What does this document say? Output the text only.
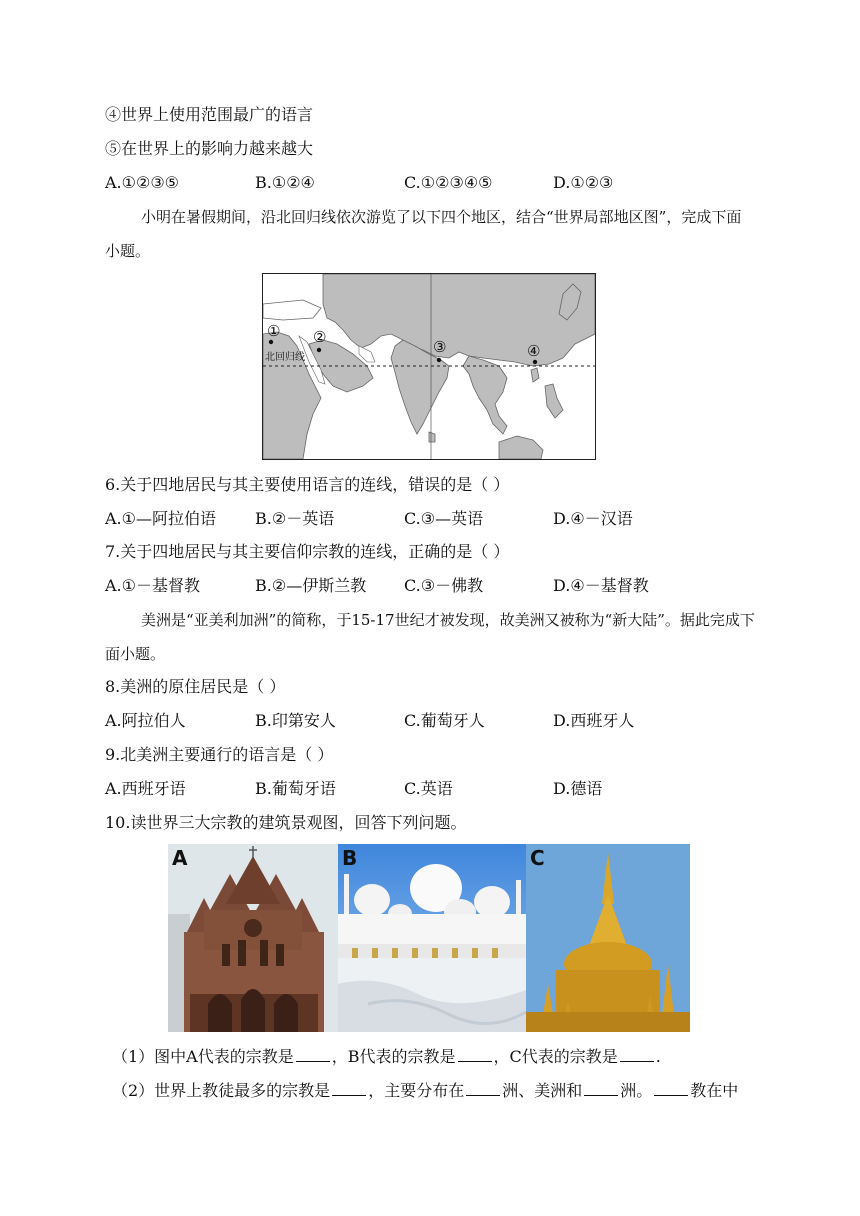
④世界上使用范围最广的语言
⑤在世界上的影响力越来越大
A.①②③⑤	B.①②④	C.①②③④⑤	D.①②③
小明在暑假期间，沿北回归线依次游览了以下四个地区，结合“世界局部地区图”，完成下面小题。
① ②
③	④
北回归线
6.关于四地居民与其主要使用语言的连线，错误的是（ ）
A.①—阿拉伯语 B.②－英语	C.③—英语	D.④－汉语
7.关于四地居民与其主要信仰宗教的连线，正确的是（ ）
A.①－基督教	B.②—伊斯兰教 C.③－佛教	D.④－基督教
美洲是“亚美利加洲”的简称，于15-17世纪才被发现，故美洲又被称为“新大陆”。据此完成下面小题。
8.美洲的原住居民是（ ）
A.阿拉伯人	B.印第安人	C.葡萄牙人	D.西班牙人
9.北美洲主要通行的语言是（ ）
A.西班牙语	B.葡萄牙语	C.英语	D.德语
10.读世界三大宗教的建筑景观图，回答下列问题。
A	B	C
（1）图中A代表的宗教是 ，B代表的宗教是 ，C代表的宗教是 .
（2）世界上教徒最多的宗教是 ，主要分布在 洲、美洲和 洲。 教在中
